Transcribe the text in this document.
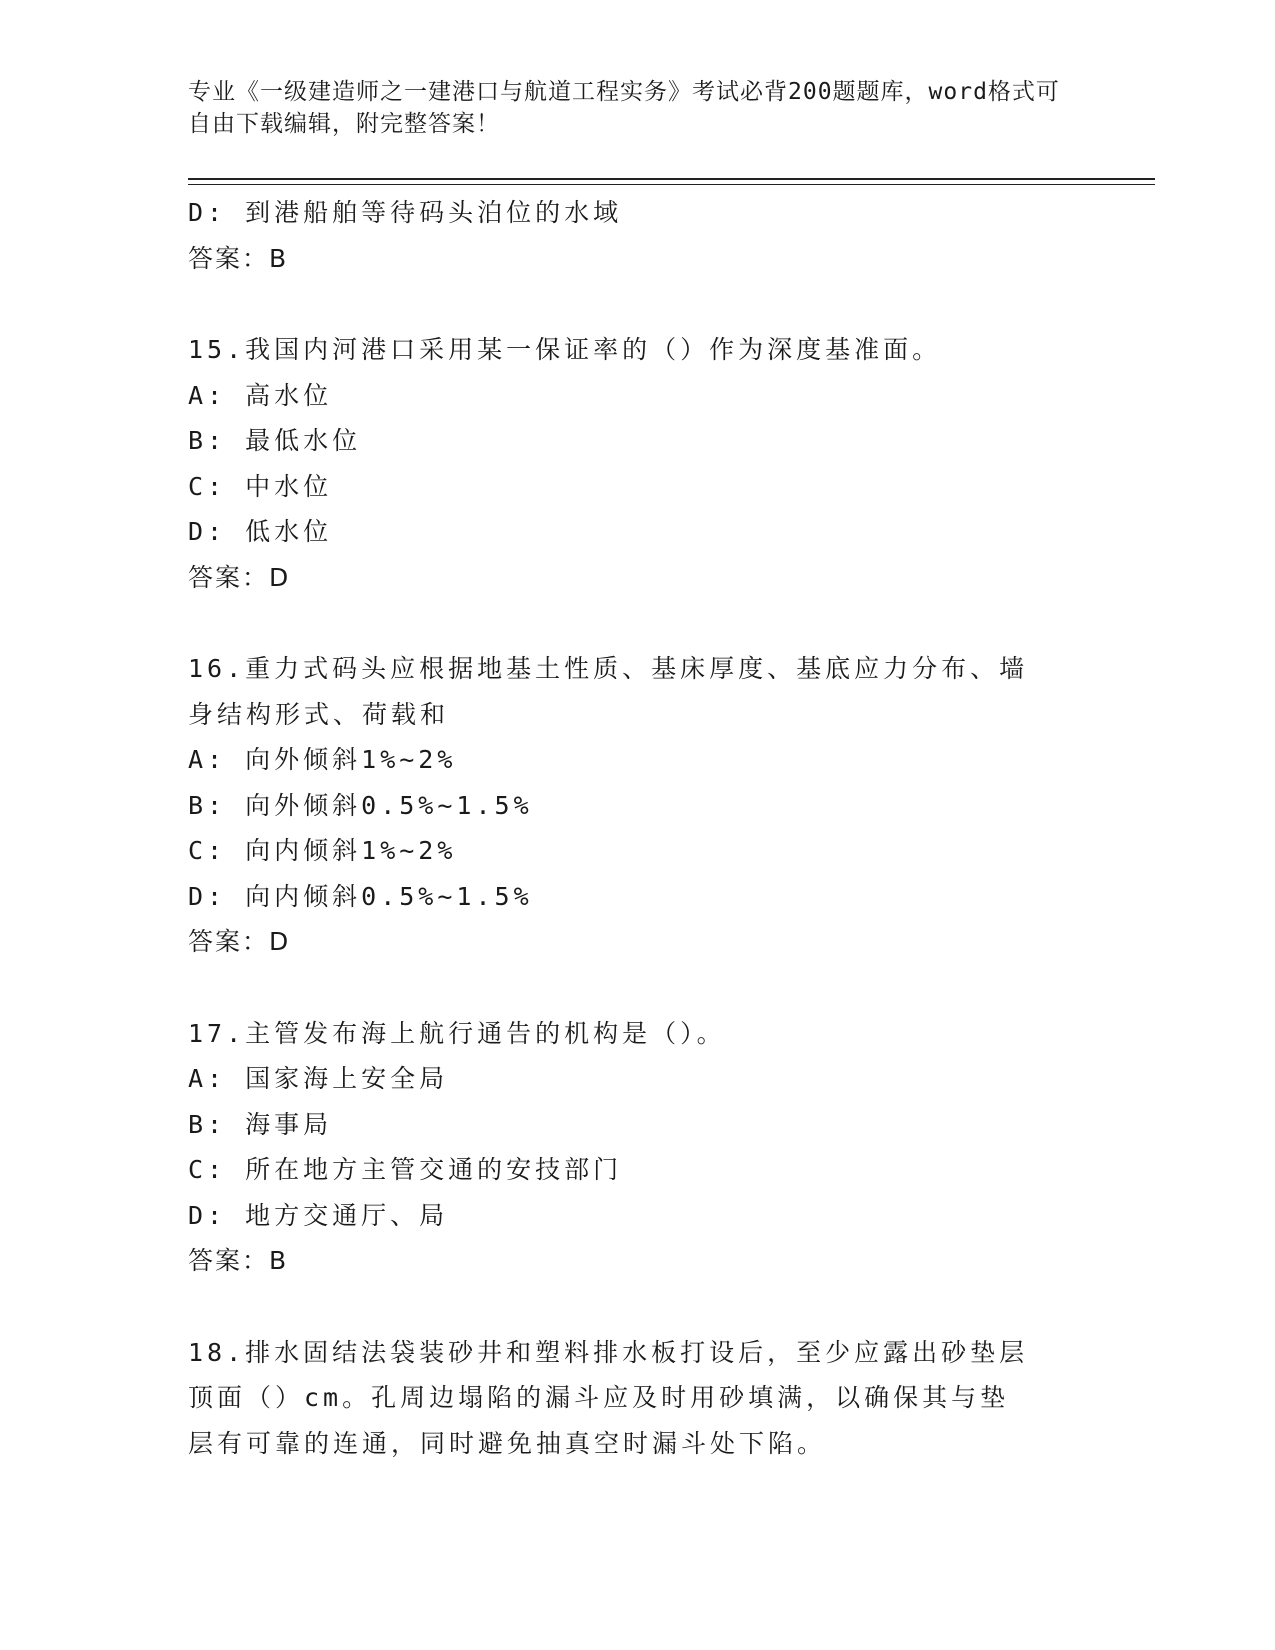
专业《一级建造师之一建港口与航道工程实务》考试必背200题题库，word格式可自由下载编辑，附完整答案！
D: 到港船舶等待码头泊位的水域
答案：B
15.我国内河港口采用某一保证率的（）作为深度基准面。
A: 高水位
B: 最低水位
C: 中水位
D: 低水位
答案：D
16.重力式码头应根据地基土性质、基床厚度、基底应力分布、墙身结构形式、荷载和
A: 向外倾斜1%~2%
B: 向外倾斜0.5%~1.5%
C: 向内倾斜1%~2%
D: 向内倾斜0.5%~1.5%
答案：D
17.主管发布海上航行通告的机构是（）。
A: 国家海上安全局
B: 海事局
C: 所在地方主管交通的安技部门
D: 地方交通厅、局
答案：B
18.排水固结法袋装砂井和塑料排水板打设后，至少应露出砂垫层顶面（）cm。孔周边塌陷的漏斗应及时用砂填满，以确保其与垫层有可靠的连通，同时避免抽真空时漏斗处下陷。
